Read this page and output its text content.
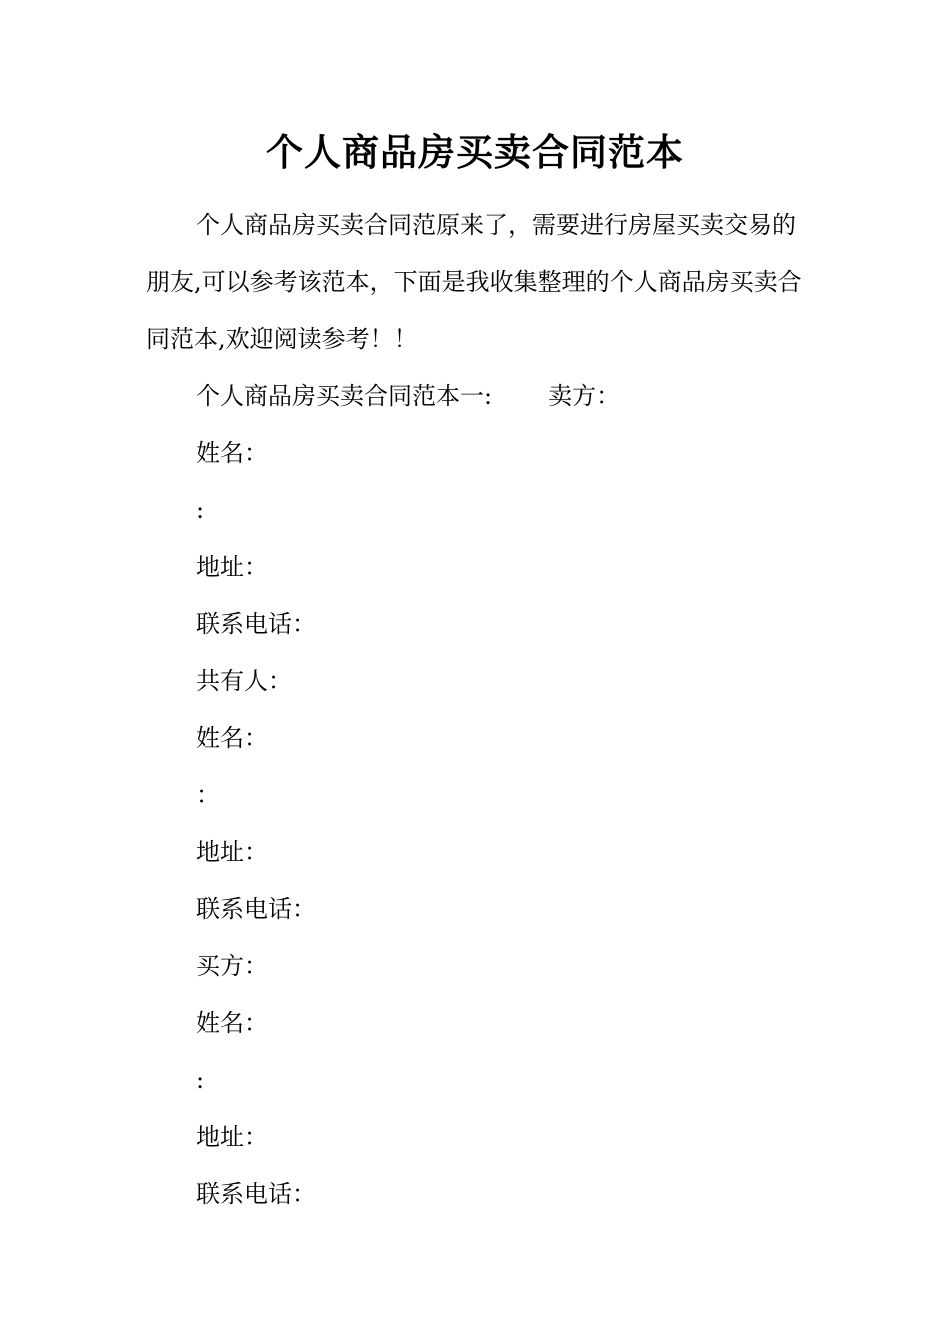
个人商品房买卖合同范本
个人商品房买卖合同范原来了，需要进行房屋买卖交易的朋友,可以参考该范本，下面是我收集整理的个人商品房买卖合同范本,欢迎阅读参考！！

个人商品房买卖合同范本一: 卖方：

姓名：

:

地址：

联系电话：

共有人：

姓名：

：

地址：

联系电话：

买方：

姓名：

:

地址：

联系电话：
